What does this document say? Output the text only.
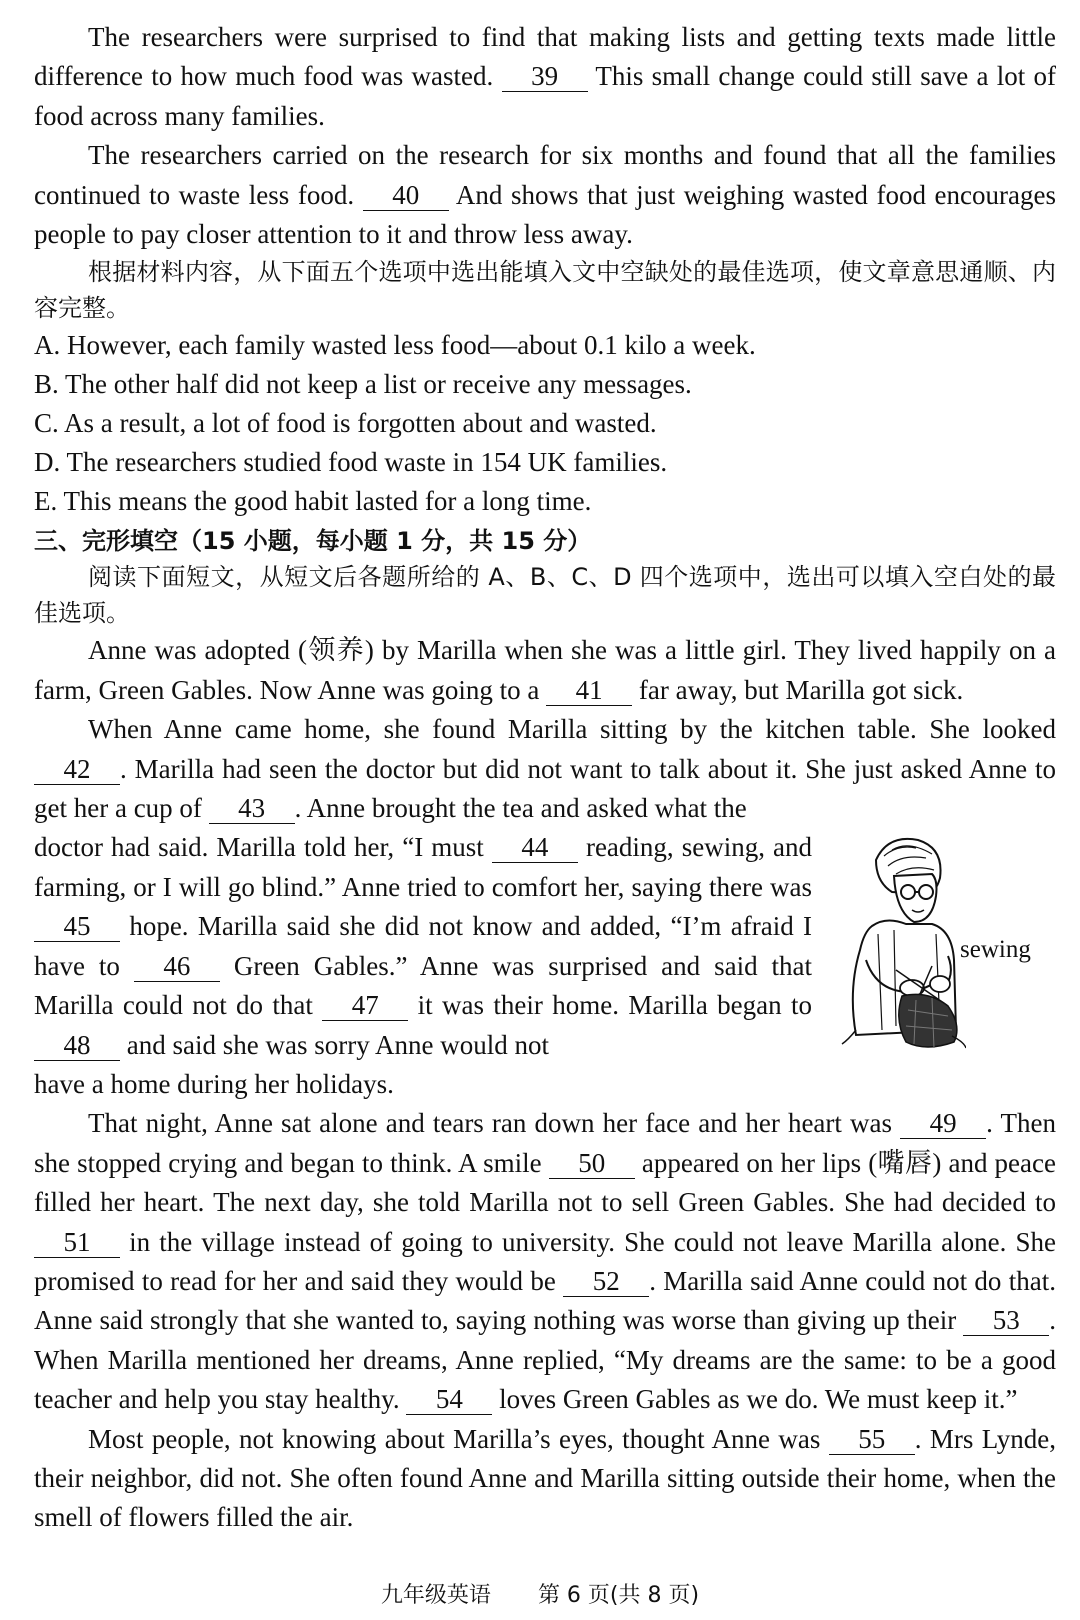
The researchers were surprised to find that making lists and getting texts made little difference to how much food was wasted. 39 This small change could still save a lot of food across many families.

The researchers carried on the research for six months and found that all the families continued to waste less food. 40 And shows that just weighing wasted food encourages people to pay closer attention to it and throw less away.

根据材料内容，从下面五个选项中选出能填入文中空缺处的最佳选项，使文章意思通顺、内容完整。

A. However, each family wasted less food—about 0.1 kilo a week.

B. The other half did not keep a list or receive any messages.

C. As a result, a lot of food is forgotten about and wasted.

D. The researchers studied food waste in 154 UK families.

E. This means the good habit lasted for a long time.

三、完形填空（15 小题，每小题 1 分，共 15 分）

阅读下面短文，从短文后各题所给的 A、B、C、D 四个选项中，选出可以填入空白处的最佳选项。

Anne was adopted (领养) by Marilla when she was a little girl. They lived happily on a farm, Green Gables. Now Anne was going to a 41 far away, but Marilla got sick.

When Anne came home, she found Marilla sitting by the kitchen table. She looked 42 . Marilla had seen the doctor but did not want to talk about it. She just asked Anne to get her a cup of 43 . Anne brought the tea and asked what the

doctor had said. Marilla told her, “I must 44 reading, sewing, and farming, or I will go blind.” Anne tried to comfort her, saying there was 45 hope. Marilla said she did not know and added, “I’m afraid I have to 46 Green Gables.” Anne was surprised and said that Marilla could not do that 47 it was their home. Marilla began to 48 and said she was sorry Anne would not

sewing

have a home during her holidays.

That night, Anne sat alone and tears ran down her face and her heart was 49 . Then she stopped crying and began to think. A smile 50 appeared on her lips (嘴唇) and peace filled her heart. The next day, she told Marilla not to sell Green Gables. She had decided to 51 in the village instead of going to university. She could not leave Marilla alone. She promised to read for her and said they would be 52 . Marilla said Anne could not do that. Anne said strongly that she wanted to, saying nothing was worse than giving up their 53 . When Marilla mentioned her dreams, Anne replied, “My dreams are the same: to be a good teacher and help you stay healthy. 54 loves Green Gables as we do. We must keep it.”

Most people, not knowing about Marilla’s eyes, thought Anne was 55 . Mrs Lynde, their neighbor, did not. She often found Anne and Marilla sitting outside their home, when the smell of flowers filled the air.

九年级英语 第 6 页(共 8 页)
